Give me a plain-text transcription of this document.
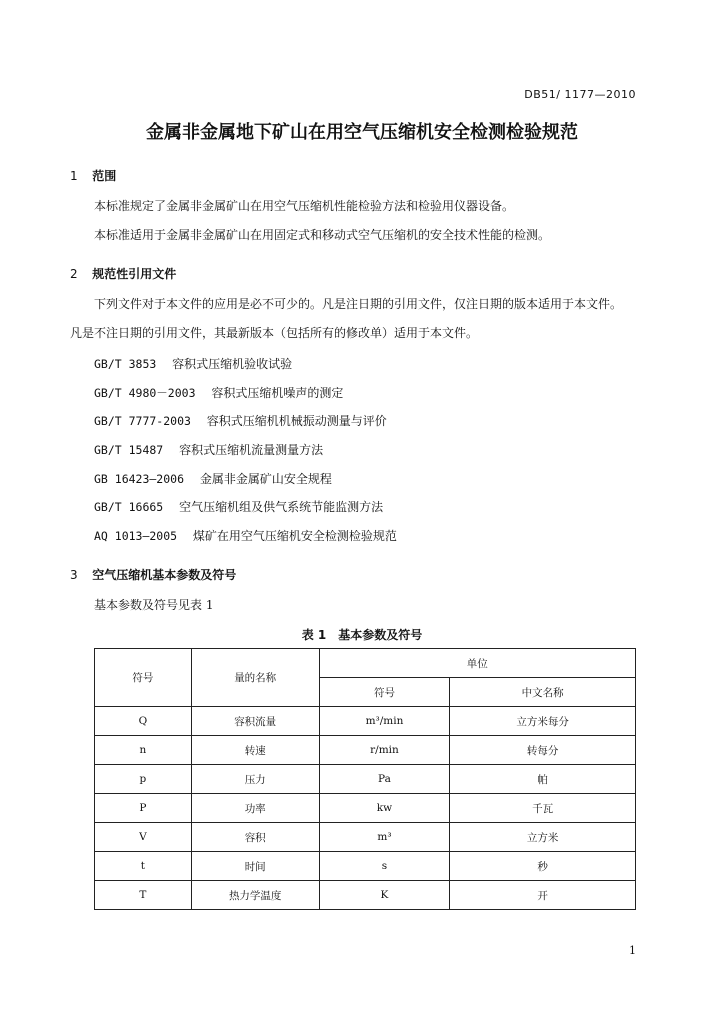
DB51/ 1177—2010
金属非金属地下矿山在用空气压缩机安全检测检验规范
1 范围
本标准规定了金属非金属矿山在用空气压缩机性能检验方法和检验用仪器设备。
本标准适用于金属非金属矿山在用固定式和移动式空气压缩机的安全技术性能的检测。
2 规范性引用文件
下列文件对于本文件的应用是必不可少的。凡是注日期的引用文件，仅注日期的版本适用于本文件。
凡是不注日期的引用文件，其最新版本（包括所有的修改单）适用于本文件。
GB/T 3853　 容积式压缩机验收试验
GB/T 4980－2003　 容积式压缩机噪声的测定
GB/T 7777-2003　 容积式压缩机机械振动测量与评价
GB/T 15487　 容积式压缩机流量测量方法
GB 16423—2006　 金属非金属矿山安全规程
GB/T 16665　 空气压缩机组及供气系统节能监测方法
AQ 1013—2005　 煤矿在用空气压缩机安全检测检验规范
3 空气压缩机基本参数及符号
基本参数及符号见表 1
表 1　基本参数及符号
符号	量的名称	单位	
		符号	中文名称
Q	容积流量	m³/min	立方米每分
n	转速	r/min	转每分
p	压力	Pa	帕
P	功率	kw	千瓦
V	容积	m³	立方米
t	时间	s	秒
T	热力学温度	K	开
1
